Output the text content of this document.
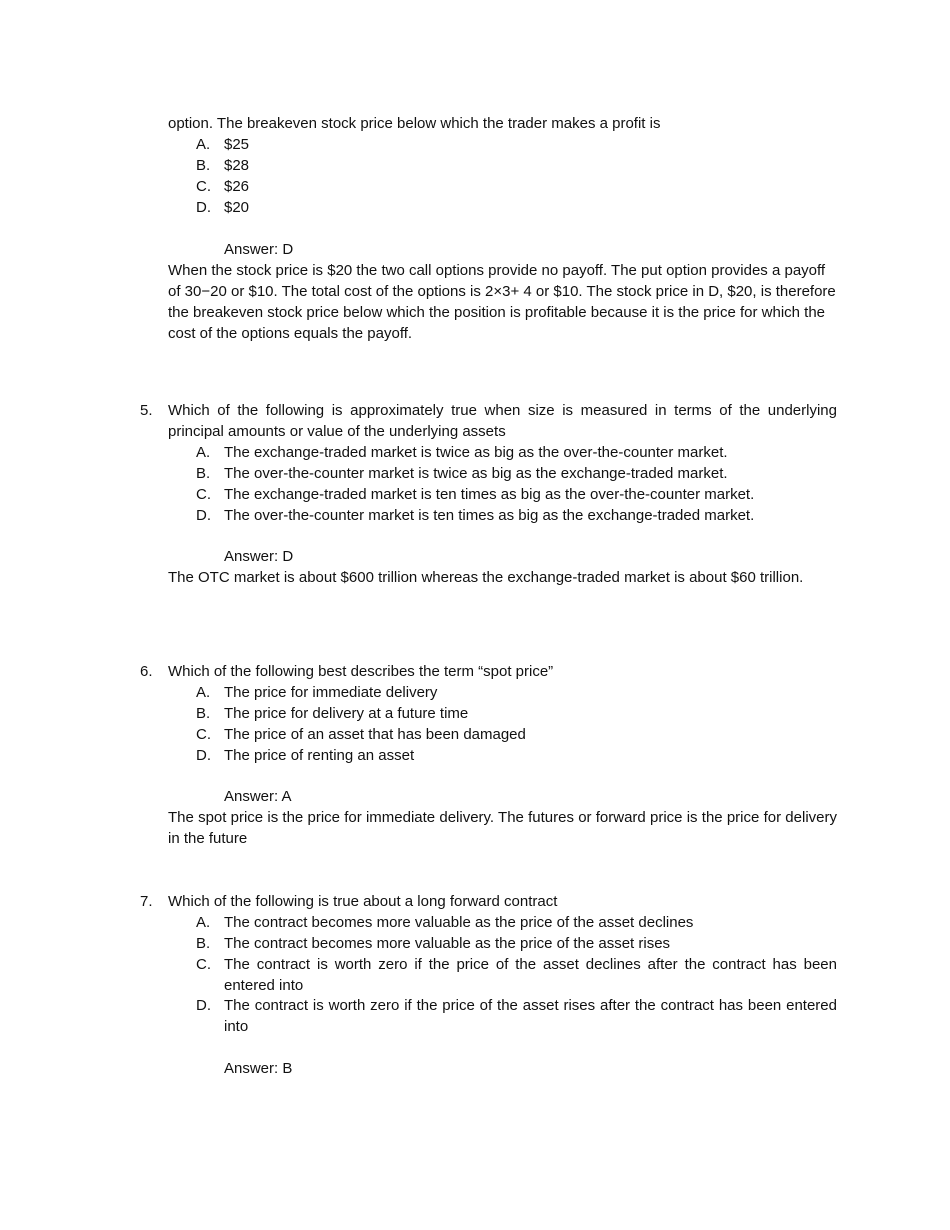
option. The breakeven stock price below which the trader makes a profit is
A. $25
B. $28
C. $26
D. $20
Answer: D
When the stock price is $20 the two call options provide no payoff. The put option provides a payoff of 30−20 or $10. The total cost of the options is 2×3+ 4 or $10. The stock price in D, $20, is therefore the breakeven stock price below which the position is profitable because it is the price for which the cost of the options equals the payoff.
5. Which of the following is approximately true when size is measured in terms of the underlying principal amounts or value of the underlying assets
A. The exchange-traded market is twice as big as the over-the-counter market.
B. The over-the-counter market is twice as big as the exchange-traded market.
C. The exchange-traded market is ten times as big as the over-the-counter market.
D. The over-the-counter market is ten times as big as the exchange-traded market.
Answer: D
The OTC market is about $600 trillion whereas the exchange-traded market is about $60 trillion.
6. Which of the following best describes the term “spot price”
A. The price for immediate delivery
B. The price for delivery at a future time
C. The price of an asset that has been damaged
D. The price of renting an asset
Answer: A
The spot price is the price for immediate delivery. The futures or forward price is the price for delivery in the future
7. Which of the following is true about a long forward contract
A. The contract becomes more valuable as the price of the asset declines
B. The contract becomes more valuable as the price of the asset rises
C. The contract is worth zero if the price of the asset declines after the contract has been entered into
D. The contract is worth zero if the price of the asset rises after the contract has been entered into
Answer: B
